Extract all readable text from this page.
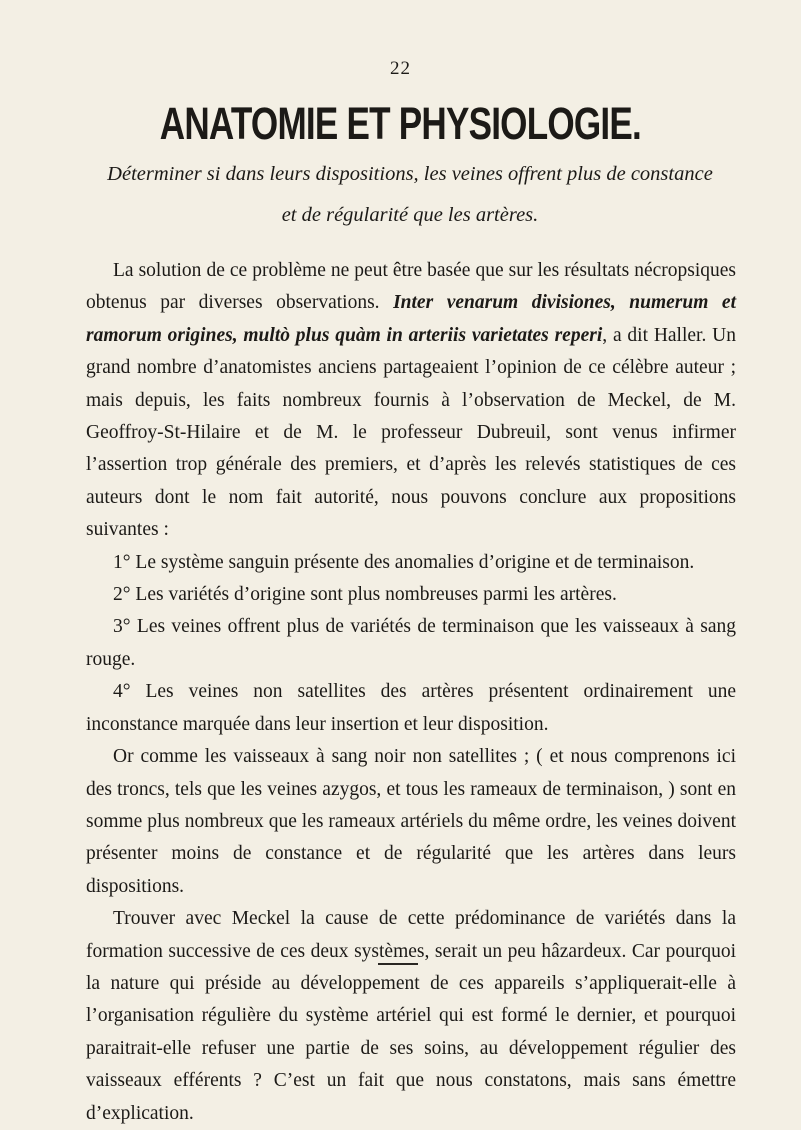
22
ANATOMIE ET PHYSIOLOGIE.
Déterminer si dans leurs dispositions, les veines offrent plus de constance
et de régularité que les artères.

La solution de ce problème ne peut être basée que sur les résultats nécropsiques obtenus par diverses observations. Inter venarum divisiones, numerum et ramorum origines, multò plus quàm in arteriis varietates reperi, a dit Haller. Un grand nombre d’anatomistes anciens partageaient l’opinion de ce célèbre auteur ; mais depuis, les faits nombreux fournis à l’observation de Meckel, de M. Geoffroy-St-Hilaire et de M. le professeur Dubreuil, sont venus infirmer l’assertion trop générale des premiers, et d’après les relevés statistiques de ces auteurs dont le nom fait autorité, nous pouvons conclure aux propositions suivantes :

1° Le système sanguin présente des anomalies d’origine et de terminaison.

2° Les variétés d’origine sont plus nombreuses parmi les artères.

3° Les veines offrent plus de variétés de terminaison que les vaisseaux à sang rouge.

4° Les veines non satellites des artères présentent ordinairement une inconstance marquée dans leur insertion et leur disposition.

Or comme les vaisseaux à sang noir non satellites ; ( et nous comprenons ici des troncs, tels que les veines azygos, et tous les rameaux de terminaison, ) sont en somme plus nombreux que les rameaux artériels du même ordre, les veines doivent présenter moins de constance et de régularité que les artères dans leurs dispositions.

Trouver avec Meckel la cause de cette prédominance de variétés dans la formation successive de ces deux systèmes, serait un peu hâzardeux. Car pourquoi la nature qui préside au développement de ces appareils s’appliquerait-elle à l’organisation régulière du système artériel qui est formé le dernier, et pourquoi paraitrait-elle refuser une partie de ses soins, au développement régulier des vaisseaux efférents ? C’est un fait que nous constatons, mais sans émettre d’explication.
